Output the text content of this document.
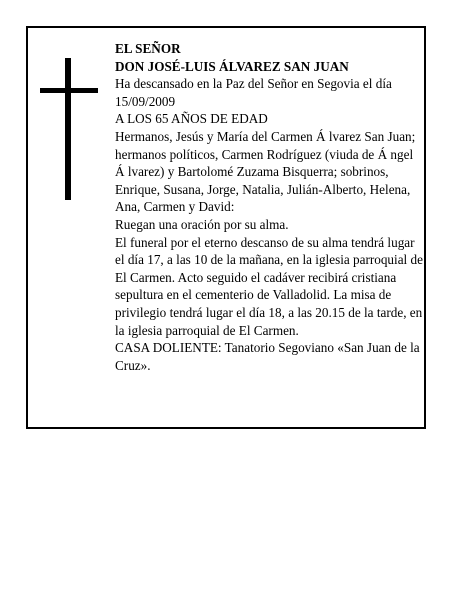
EL SEÑOR

DON JOSÉ-LUIS ÁLVAREZ SAN JUAN

Ha descansado en la Paz del Señor en Segovia el día 15/09/2009

A LOS 65 AÑOS DE EDAD

Hermanos, Jesús y María del Carmen Á lvarez San Juan; hermanos políticos, Carmen Rodríguez (viuda de Á ngel Á lvarez) y Bartolomé Zuzama Bisquerra; sobrinos, Enrique, Susana, Jorge, Natalia, Julián-Alberto, Helena, Ana, Carmen y David:

Ruegan una oración por su alma.

El funeral por el eterno descanso de su alma tendrá lugar el día 17, a las 10 de la mañana, en la iglesia parroquial de El Carmen. Acto seguido el cadáver recibirá cristiana sepultura en el cementerio de Valladolid. La misa de privilegio tendrá lugar el día 18, a las 20.15 de la tarde, en la iglesia parroquial de El Carmen.

CASA DOLIENTE: Tanatorio Segoviano «San Juan de la Cruz».
